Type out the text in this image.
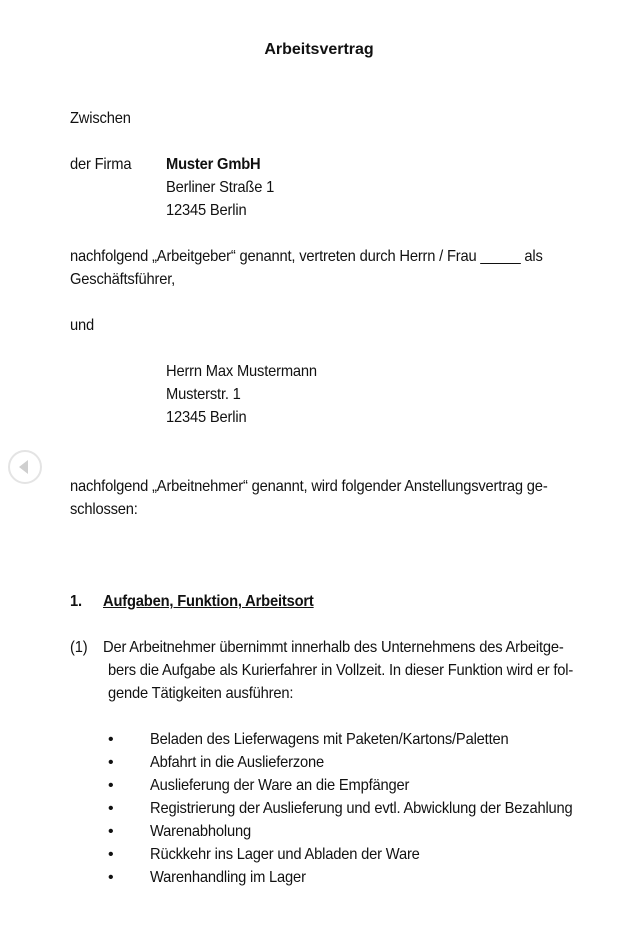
Arbeitsvertrag
Zwischen
der Firma Muster GmbH
Berliner Straße 1
12345 Berlin
nachfolgend „Arbeitgeber“ genannt, vertreten durch Herrn / Frau _____ als
Geschäftsführer,
und
Herrn Max Mustermann
Musterstr. 1
12345 Berlin
nachfolgend „Arbeitnehmer“ genannt, wird folgender Anstellungsvertrag ge-
schlossen:
1. Aufgaben, Funktion, Arbeitsort
(1) Der Arbeitnehmer übernimmt innerhalb des Unternehmens des Arbeitge-
bers die Aufgabe als Kurierfahrer in Vollzeit. In dieser Funktion wird er fol-
gende Tätigkeiten ausführen:
• Beladen des Lieferwagens mit Paketen/Kartons/Paletten
• Abfahrt in die Auslieferzone
• Auslieferung der Ware an die Empfänger
• Registrierung der Auslieferung und evtl. Abwicklung der Bezahlung
• Warenabholung
• Rückkehr ins Lager und Abladen der Ware
• Warenhandling im Lager
